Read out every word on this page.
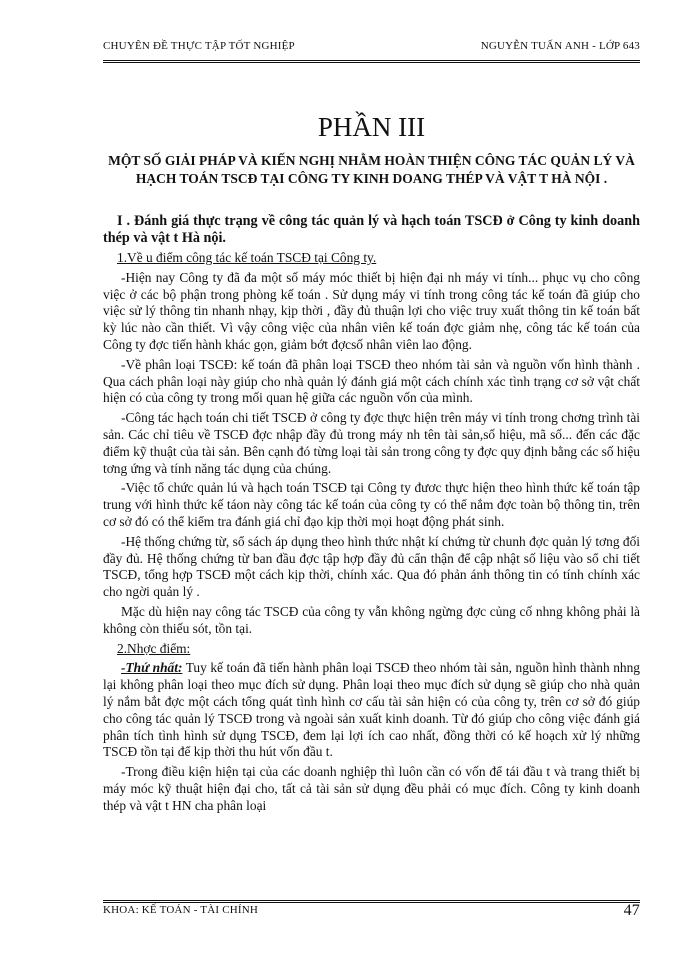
CHUYÊN ĐỀ THỰC TẬP TỐT NGHIỆP	NGUYỄN TUẤN ANH - LỚP 643
PHẦN III
MỘT SỐ GIẢI PHÁP VÀ KIẾN NGHỊ NHẰM HOÀN THIỆN CÔNG TÁC QUẢN LÝ VÀ HẠCH TOÁN TSCĐ TẠI CÔNG TY KINH DOANG THÉP VÀ VẬT T HÀ NỘI .

I . Đánh giá thực trạng về công tác quản lý và hạch toán TSCĐ ở Công ty kinh doanh thép và vật t Hà nội.

1.Về u điểm công tác kế toán TSCĐ tại Công ty.

-Hiện nay Công ty đã đa một số máy móc thiết bị hiện đại nh máy vi tính... phục vụ cho công việc ở các bộ phận trong phòng kế toán . Sử dụng máy vi tính trong công tác kế toán đã giúp cho việc sử lý thông tin nhanh nhạy, kịp thời , đầy đủ thuận lợi cho việc truy xuất thông tin kế toán bất kỳ lúc nào cần thiết. Vì vậy công việc của nhân viên kế toán đợc giảm nhẹ, công tác kế toán của Công ty đợc tiến hành khác gọn, giảm bớt đợcsố nhân viên lao động.

-Về phân loại TSCĐ: kế toán đã phân loại TSCĐ theo nhóm tài sản và nguồn vốn hình thành . Qua cách phân loại này giúp cho nhà quản lý đánh giá một cách chính xác tình trạng cơ sở vật chất hiện có của công ty trong mối quan hệ giữa các nguồn vốn của mình.

-Công tác hạch toán chi tiết TSCĐ ở công ty đợc thực hiện trên máy vi tính trong chơng trình tài sản. Các chỉ tiêu về TSCĐ đợc nhập đầy đủ trong máy nh tên tài sản,số hiệu, mã số... đến các đặc điểm kỹ thuật của tài sản. Bên cạnh đó từng loại tài sản trong công ty đợc quy định bằng các số hiệu tơng ứng và tính năng tác dụng của chúng.

-Việc tổ chức quản lú và hạch toán TSCĐ tại Công ty đươc thực hiện theo hình thức kế toán tập trung với hình thức kế táon này công tác kế toán của công ty có thể nắm đợc toàn bộ thông tin, trên cơ sở đó có thể kiểm tra đánh giá chỉ đạo kịp thời mọi hoạt động phát sinh.

-Hệ thống chứng từ, sổ sách áp dụng theo hình thức nhật kí chứng từ chunh đợc quản lý tơng đối đầy đủ. Hệ thống chứng từ ban đầu đợc tập hợp đầy đủ cẩn thận để cập nhật số liệu vào sổ chi tiết TSCĐ, tổng hợp TSCĐ một cách kịp thời, chính xác. Qua đó phản ánh thông tin có tính chính xác cho ngời quản lý .

Mặc dù hiện nay công tác TSCĐ của công ty vẫn không ngừng đợc củng cố nhng không phải là không còn thiếu sót, tồn tại.

2.Nhợc điểm:

-Thứ nhất: Tuy kế toán đã tiến hành phân loại TSCĐ theo nhóm tài sản, nguồn hình thành nhng lại không phân loại theo mục đích sử dụng. Phân loại theo mục đích sử dụng sẽ giúp cho nhà quản lý nắm bắt đợc một cách tổng quát tình hình cơ cấu tài sản hiện có của công ty, trên cơ sở đó giúp cho công tác quản lý TSCĐ trong và ngoài sản xuất kinh doanh. Từ đó giúp cho công việc đánh giá phân tích tình hình sử dụng TSCĐ, đem lại lợi ích cao nhất, đồng thời có kế hoạch xử lý những TSCĐ tồn tại để kịp thời thu hút vốn đầu t.

-Trong điều kiện hiện tại của các doanh nghiệp thì luôn cần có vốn để tái đầu t và trang thiết bị máy móc kỹ thuật hiện đại cho, tất cả tài sản sử dụng đều phải có mục đích. Công ty kinh doanh thép và vật t HN cha phân loại

KHOA: KẾ TOÁN - TÀI CHÍNH	47
